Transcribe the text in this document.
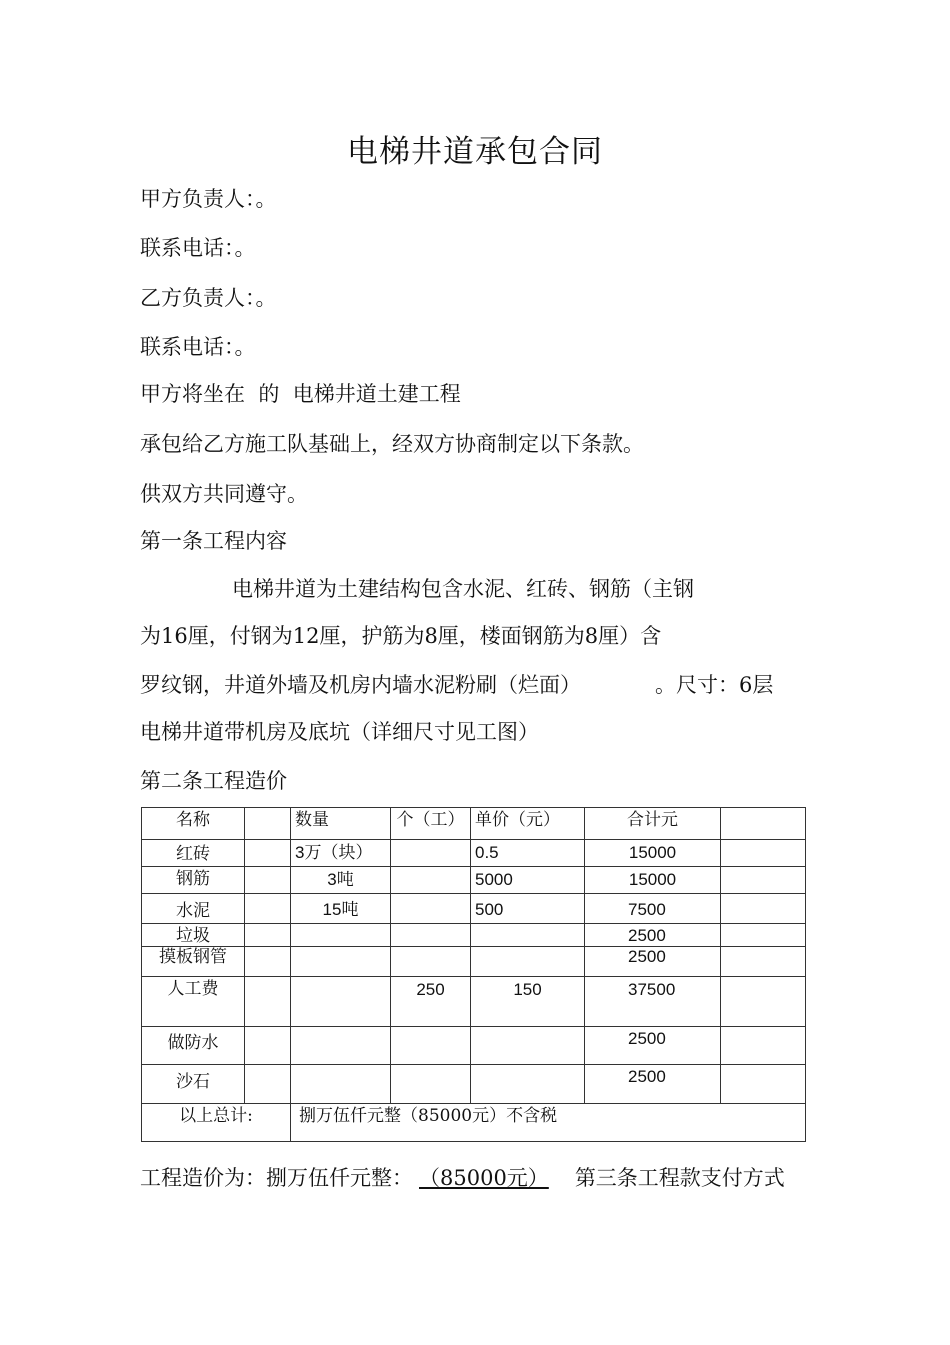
电梯井道承包合同
甲方负责人：。
联系电话：。
乙方负责人：。
联系电话：。
甲方将坐在  的  电梯井道土建工程
承包给乙方施工队基础上，经双方协商制定以下条款。
供双方共同遵守。
第一条工程内容
电梯井道为土建结构包含水泥、红砖、钢筋（主钢
为16厘，付钢为12厘，护筋为8厘，楼面钢筋为8厘）含
罗纹钢，井道外墙及机房内墙水泥粉刷（烂面）	。尺寸：6层
电梯井道带机房及底坑（详细尺寸见工图）
第二条工程造价
名称		数量	个（工）	单价（元）	合计元	
红砖		3万（块）		0.5	15000	
钢筋		3吨		5000	15000	
水泥		15吨		500	7500	
垃圾					2500	
摸板钢管					2500	
人工费			250	150	37500	
做防水					2500	
沙石					2500	
以上总计:		捌万伍仟元整（85000元）不含税				
工程造价为：捌万伍仟元整： （85000元） 第三条工程款支付方式
